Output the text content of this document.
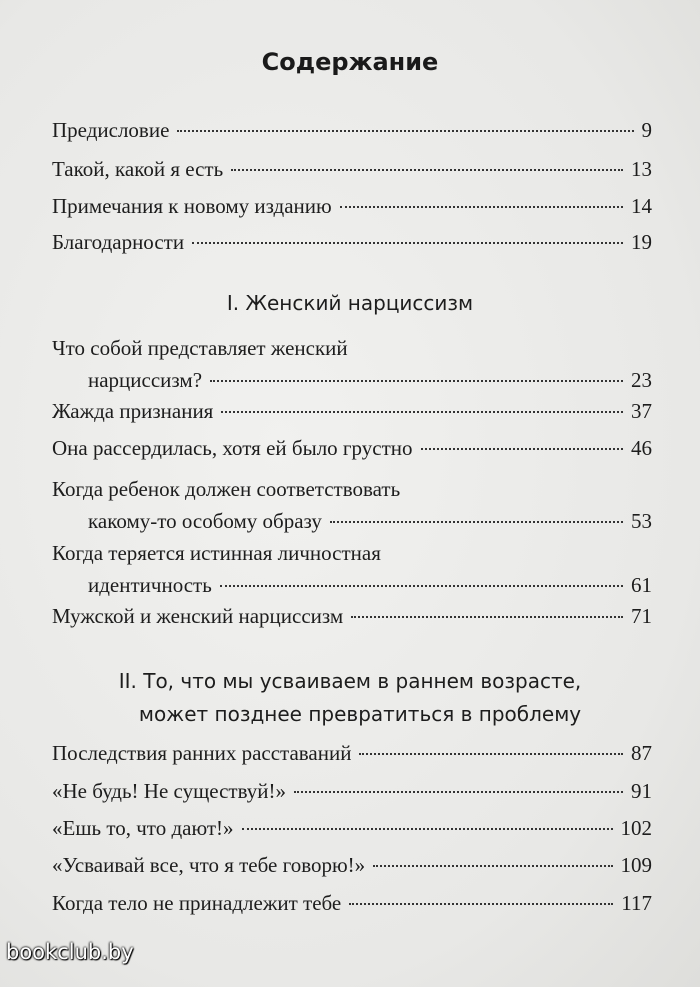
Содержание
Предисловие	9
Такой, какой я есть	13
Примечания к новому изданию	14
Благодарности	19
I. Женский нарциссизм
Что собой представляет женский
нарциссизм?	23
Жажда признания	37
Она рассердилась, хотя ей было грустно	46
Когда ребенок должен соответствовать
какому-то особому образу	53
Когда теряется истинная личностная
идентичность	61
Мужской и женский нарциссизм	71
II. То, что мы усваиваем в раннем возрасте,
может позднее превратиться в проблему
Последствия ранних расставаний	87
«Не будь! Не существуй!»	91
«Ешь то, что дают!»	102
«Усваивай все, что я тебе говорю!»	109
Когда тело не принадлежит тебе	117
bookclub.by
